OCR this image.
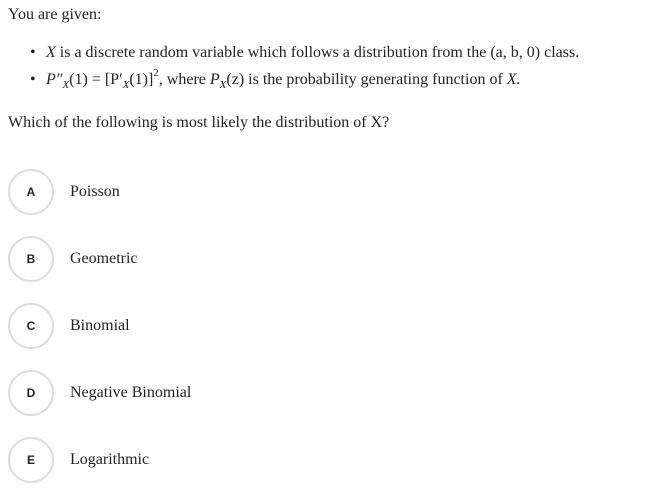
You are given:
• X is a discrete random variable which follows a distribution from the (a, b, 0) class.
• $P''_X(1) = [P'_X(1)]^2$, where $P_X(z)$ is the probability generating function of X.
Which of the following is most likely the distribution of X?
A	Poisson
B	Geometric
C	Binomial
D	Negative Binomial
E	Logarithmic
